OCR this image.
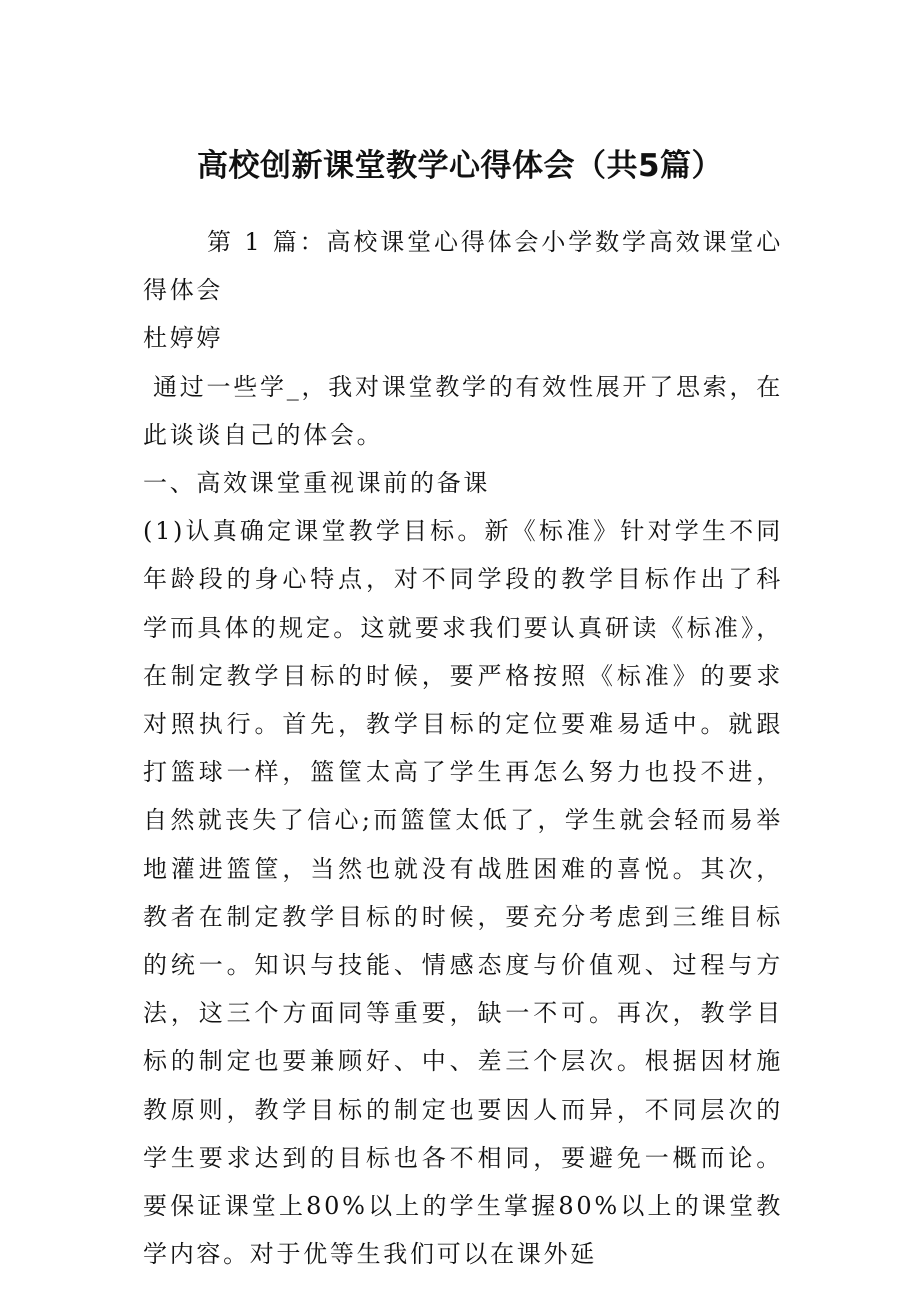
高校创新课堂教学心得体会（共5篇）

第 1 篇：高校课堂心得体会小学数学高效课堂心得体会

杜婷婷

通过一些学_，我对课堂教学的有效性展开了思索，在此谈谈自己的体会。

一、高效课堂重视课前的备课

(1)认真确定课堂教学目标。新《标准》针对学生不同年龄段的身心特点，对不同学段的教学目标作出了科学而具体的规定。这就要求我们要认真研读《标准》，在制定教学目标的时候，要严格按照《标准》的要求对照执行。首先，教学目标的定位要难易适中。就跟打篮球一样，篮筐太高了学生再怎么努力也投不进，自然就丧失了信心;而篮筐太低了，学生就会轻而易举地灌进篮筐，当然也就没有战胜困难的喜悦。其次，教者在制定教学目标的时候，要充分考虑到三维目标的统一。知识与技能、情感态度与价值观、过程与方法，这三个方面同等重要，缺一不可。再次，教学目标的制定也要兼顾好、中、差三个层次。根据因材施教原则，教学目标的制定也要因人而异，不同层次的学生要求达到的目标也各不相同，要避免一概而论。要保证课堂上80%以上的学生掌握80%以上的课堂教学内容。对于优等生我们可以在课外延
